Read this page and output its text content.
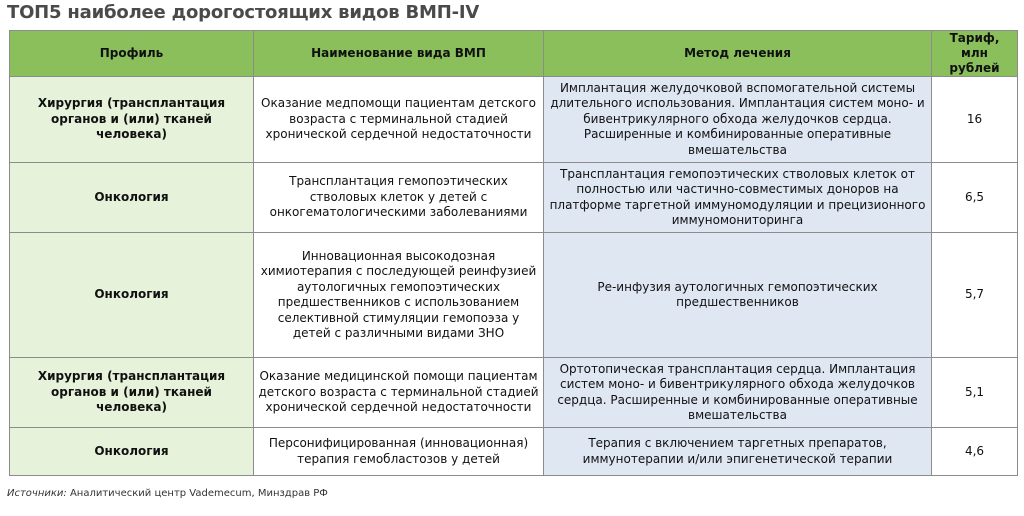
ТОП5 наиболее дорогостоящих видов ВМП-IV
Профиль	Наименование вида ВМП	Метод лечения	Тариф, млн рублей
Хирургия (трансплантация органов и (или) тканей человека)	Оказание медпомощи пациентам детского возраста с терминальной стадией хронической сердечной недостаточности	Имплантация желудочковой вспомогательной системы длительного использования. Имплантация систем моно- и бивентрикулярного обхода желудочков сердца. Расширенные и комбинированные оперативные вмешательства	16
Онкология	Трансплантация гемопоэтических стволовых клеток у детей с онкогематологическими заболеваниями	Трансплантация гемопоэтических стволовых клеток от полностью или частично-совместимых доноров на платформе таргетной иммуномодуляции и прецизионного иммуномониторинга	6,5
Онкология	Инновационная высокодозная химиотерапия с последующей реинфузией аутологичных гемопоэтических предшественников с использованием селективной стимуляции гемопоэза у детей с различными видами ЗНО	Ре-инфузия аутологичных гемопоэтических предшественников	5,7
Хирургия (трансплантация органов и (или) тканей человека)	Оказание медицинской помощи пациентам детского возраста с терминальной стадией хронической сердечной недостаточности	Ортотопическая трансплантация сердца. Имплантация систем моно- и бивентрикулярного обхода желудочков сердца. Расширенные и комбинированные оперативные вмешательства	5,1
Онкология	Персонифицированная (инновационная) терапия гемобластозов у детей	Терапия с включением таргетных препаратов, иммунотерапии и/или эпигенетической терапии	4,6
Источники: Аналитический центр Vademecum, Минздрав РФ
